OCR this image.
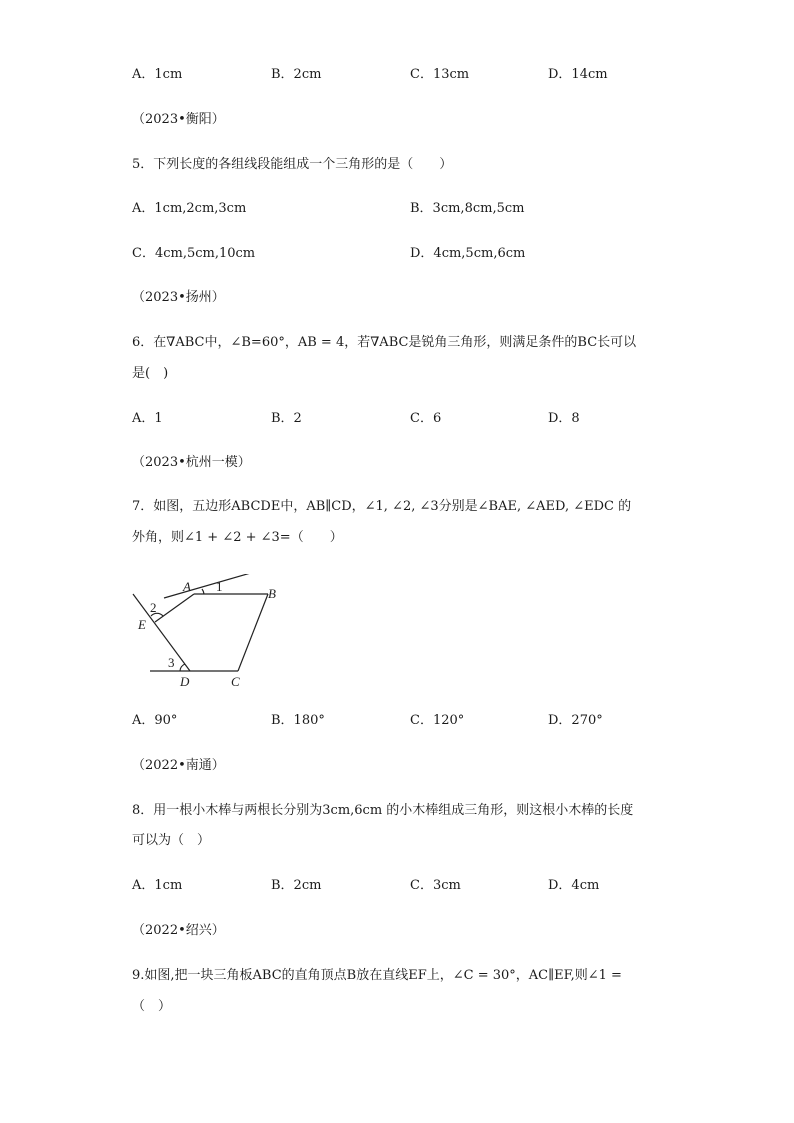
A．1cm	B．2cm	C．13cm	D．14cm
（2023•衡阳）
5．下列长度的各组线段能组成一个三角形的是（　　）
A．1cm,2cm,3cm	B．3cm,8cm,5cm
C．4cm,5cm,10cm	D．4cm,5cm,6cm
（2023•扬州）
6．在∇ABC中，∠B=60°，AB = 4，若∇ABC是锐角三角形，则满足条件的BC长可以
是(　)
A．1	B．2	C．6	D．8
（2023•杭州一模）
7．如图，五边形ABCDE中，AB∥CD，∠1, ∠2, ∠3分别是∠BAE, ∠AED, ∠EDC 的
外角，则∠1 + ∠2 + ∠3=（　　）
A	B
C
D
E
1
2
3
A．90°	B．180°	C．120°	D．270°
（2022•南通）
8．用一根小木棒与两根长分别为3cm,6cm 的小木棒组成三角形，则这根小木棒的长度
可以为（　）
A．1cm	B．2cm	C．3cm	D．4cm
（2022•绍兴）
9.如图,把一块三角板ABC的直角顶点B放在直线EF上，∠C = 30°，AC∥EF,则∠1 =
（　）
